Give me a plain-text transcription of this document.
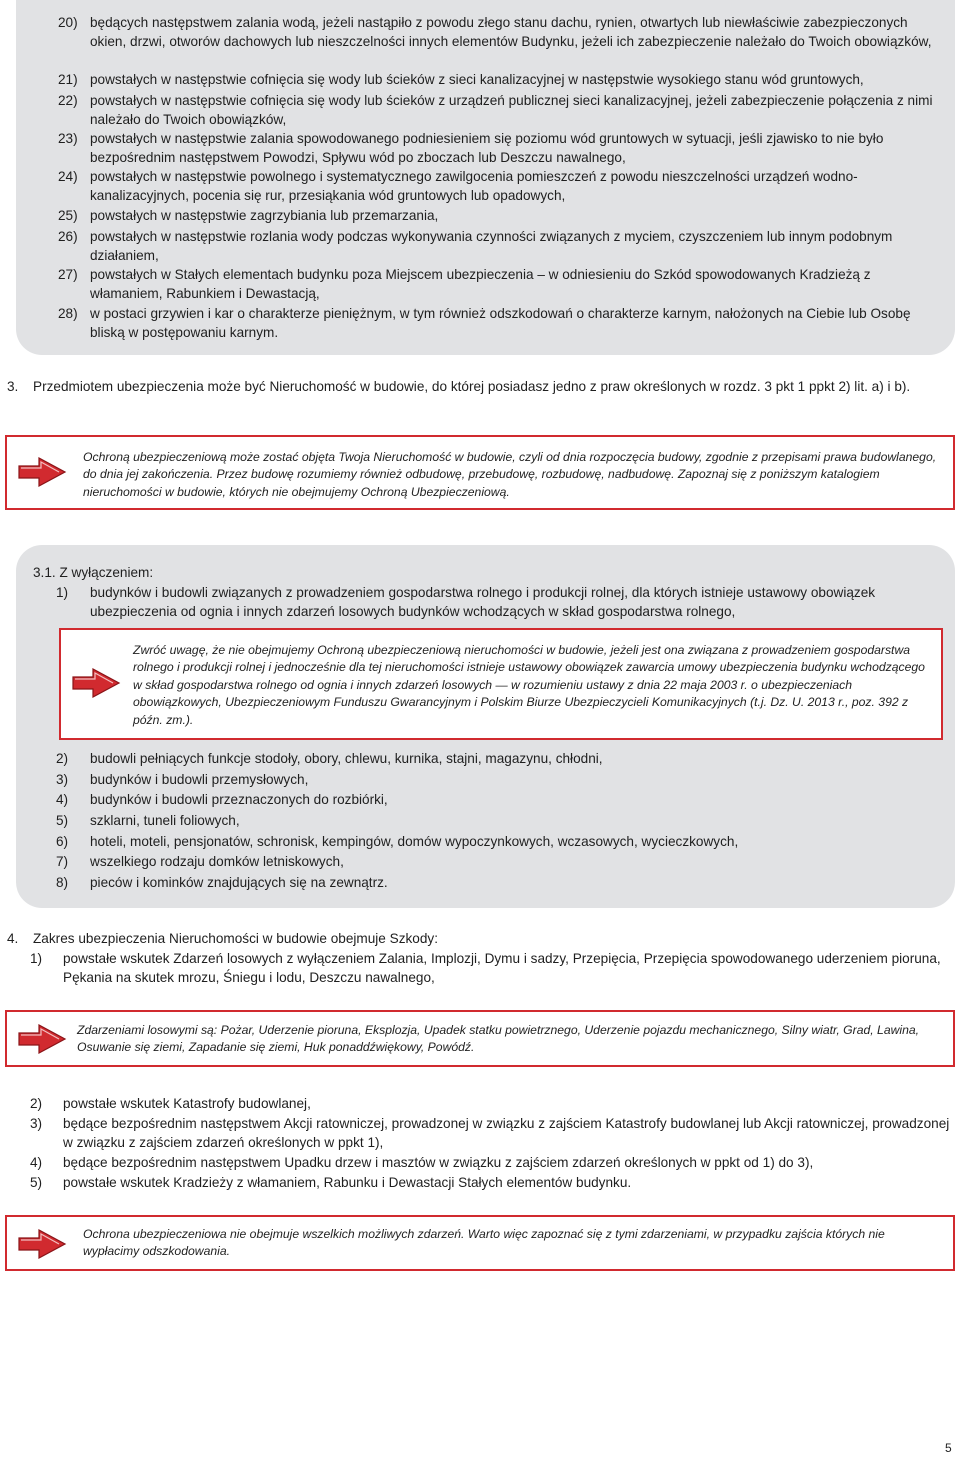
20) będących następstwem zalania wodą, jeżeli nastąpiło z powodu złego stanu dachu, rynien, otwartych lub niewłaściwie zabezpieczonych okien, drzwi, otworów dachowych lub nieszczelności innych elementów Budynku, jeżeli ich zabezpieczenie należało do Twoich obowiązków,
21) powstałych w następstwie cofnięcia się wody lub ścieków z sieci kanalizacyjnej w następstwie wysokiego stanu wód gruntowych,
22) powstałych w następstwie cofnięcia się wody lub ścieków z urządzeń publicznej sieci kanalizacyjnej, jeżeli zabezpieczenie połączenia z nimi należało do Twoich obowiązków,
23) powstałych w następstwie zalania spowodowanego podniesieniem się poziomu wód gruntowych w sytuacji, jeśli zjawisko to nie było bezpośrednim następstwem Powodzi, Spływu wód po zboczach lub Deszczu nawalnego,
24) powstałych w następstwie powolnego i systematycznego zawilgocenia pomieszczeń z powodu nieszczelności urządzeń wodno-kanalizacyjnych, pocenia się rur, przesiąkania wód gruntowych lub opadowych,
25) powstałych w następstwie zagrzybiania lub przemarzania,
26) powstałych w następstwie rozlania wody podczas wykonywania czynności związanych z myciem, czyszczeniem lub innym podobnym działaniem,
27) powstałych w Stałych elementach budynku poza Miejscem ubezpieczenia – w odniesieniu do Szkód spowodowanych Kradzieżą z włamaniem, Rabunkiem i Dewastacją,
28) w postaci grzywien i kar o charakterze pieniężnym, w tym również odszkodowań o charakterze karnym, nałożonych na Ciebie lub Osobę bliską w postępowaniu karnym.
3.	Przedmiotem ubezpieczenia może być Nieruchomość w budowie, do której posiadasz jedno z praw określonych w rozdz. 3 pkt 1 ppkt 2) lit. a) i b).
Ochroną ubezpieczeniową może zostać objęta Twoja Nieruchomość w budowie, czyli od dnia rozpoczęcia budowy, zgodnie z przepisami prawa budowlanego, do dnia jej zakończenia. Przez budowę rozumiemy również odbudowę, przebudowę, rozbudowę, nadbudowę. Zapoznaj się z poniższym katalogiem nieruchomości w budowie, których nie obejmujemy Ochroną Ubezpieczeniową.
3.1. Z wyłączeniem:
1)	budynków i budowli związanych z prowadzeniem gospodarstwa rolnego i produkcji rolnej, dla których istnieje ustawowy obowiązek ubezpieczenia od ognia i innych zdarzeń losowych budynków wchodzących w skład gospodarstwa rolnego,
Zwróć uwagę, że nie obejmujemy Ochroną ubezpieczeniową nieruchomości w budowie, jeżeli jest ona związana z prowadzeniem gospodarstwa rolnego i produkcji rolnej i jednocześnie dla tej nieruchomości istnieje ustawowy obowiązek zawarcia umowy ubezpieczenia budynku wchodzącego w skład gospodarstwa rolnego od ognia i innych zdarzeń losowych — w rozumieniu ustawy z dnia 22 maja 2003 r. o ubezpieczeniach obowiązkowych, Ubezpieczeniowym Funduszu Gwarancyjnym i Polskim Biurze Ubezpieczycieli Komunikacyjnych (t.j. Dz. U. 2013 r., poz. 392 z późn. zm.).
2)	budowli pełniących funkcje stodoły, obory, chlewu, kurnika, stajni, magazynu, chłodni,
3)	budynków i budowli przemysłowych,
4)	budynków i budowli przeznaczonych do rozbiórki,
5)	szklarni, tuneli foliowych,
6)	hoteli, moteli, pensjonatów, schronisk, kempingów, domów wypoczynkowych, wczasowych, wycieczkowych,
7)	wszelkiego rodzaju domków letniskowych,
8)	pieców i kominków znajdujących się na zewnątrz.
4.	Zakres ubezpieczenia Nieruchomości w budowie obejmuje Szkody:
1)	powstałe wskutek Zdarzeń losowych z wyłączeniem Zalania, Implozji, Dymu i sadzy, Przepięcia, Przepięcia spowodowanego uderzeniem pioruna, Pękania na skutek mrozu, Śniegu i lodu, Deszczu nawalnego,
Zdarzeniami losowymi są: Pożar, Uderzenie pioruna, Eksplozja, Upadek statku powietrznego, Uderzenie pojazdu mechanicznego, Silny wiatr, Grad, Lawina, Osuwanie się ziemi, Zapadanie się ziemi, Huk ponaddźwiękowy, Powódź.
2)	powstałe wskutek Katastrofy budowlanej,
3)	będące bezpośrednim następstwem Akcji ratowniczej, prowadzonej w związku z zajściem Katastrofy budowlanej lub Akcji ratowniczej, prowadzonej w związku z zajściem zdarzeń określonych w ppkt 1),
4)	będące bezpośrednim następstwem Upadku drzew i masztów w związku z zajściem zdarzeń określonych w ppkt od 1) do 3),
5)	powstałe wskutek Kradzieży z włamaniem, Rabunku i Dewastacji Stałych elementów budynku.
Ochrona ubezpieczeniowa nie obejmuje wszelkich możliwych zdarzeń. Warto więc zapoznać się z tymi zdarzeniami, w przypadku zajścia których nie wypłacimy odszkodowania.
5
